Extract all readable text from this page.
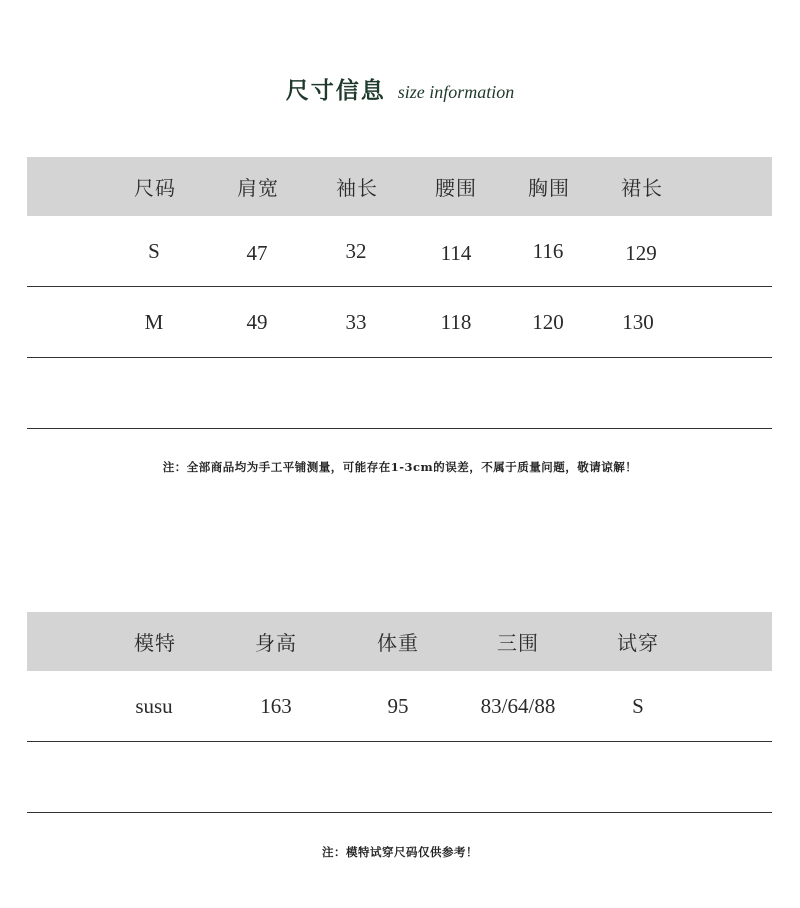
尺寸信息 size information
尺码	肩宽	袖长	腰围	胸围	裙长
S	47	32	114	116	129
M	49	33	118	120	130
注：全部商品均为手工平铺测量，可能存在1-3cm的误差，不属于质量问题，敬请谅解！
模特	身高	体重	三围	试穿
susu	163	95	83/64/88	S
注：模特试穿尺码仅供参考！
